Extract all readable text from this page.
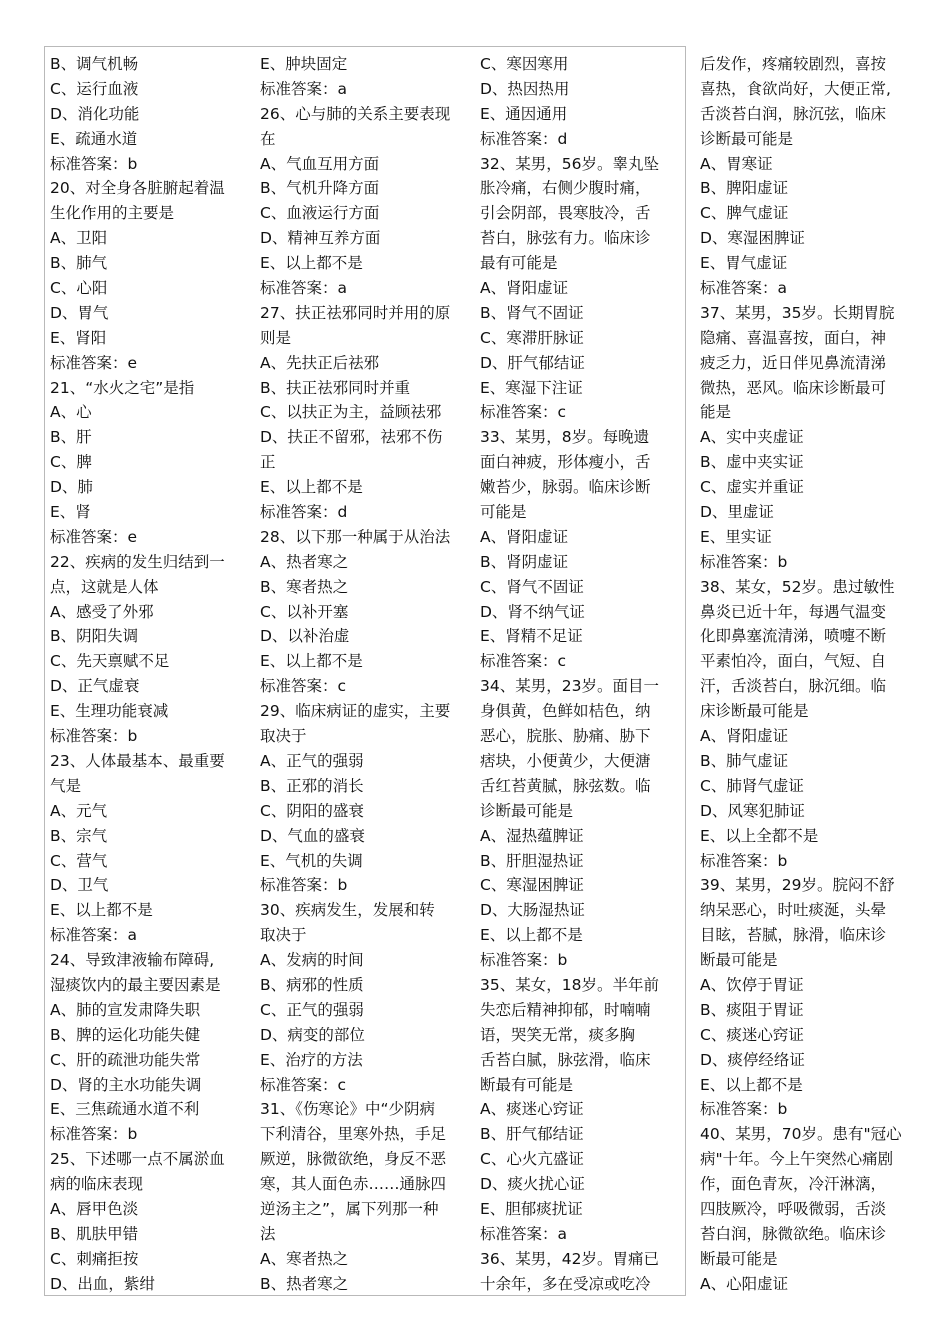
B、调气机畅
C、运行血液
D、消化功能
E、疏通水道
标准答案：b
20、对全身各脏腑起着温
生化作用的主要是
A、卫阳
B、肺气
C、心阳
D、胃气
E、肾阳
标准答案：e
21、“水火之宅”是指
A、心
B、肝
C、脾
D、肺
E、肾
标准答案：e
22、疾病的发生归结到一
点，这就是人体
A、感受了外邪
B、阴阳失调
C、先天禀赋不足
D、正气虚衰
E、生理功能衰减
标准答案：b
23、人体最基本、最重要
气是
A、元气
B、宗气
C、营气
D、卫气
E、以上都不是
标准答案：a
24、导致津液输布障碍,
湿痰饮内的最主要因素是
A、肺的宣发肃降失职
B、脾的运化功能失健
C、肝的疏泄功能失常
D、肾的主水功能失调
E、三焦疏通水道不利
标准答案：b
25、下述哪一点不属淤血
病的临床表现
A、唇甲色淡
B、肌肤甲错
C、刺痛拒按
D、出血，紫绀
E、肿块固定
标准答案：a
26、心与肺的关系主要表现
在
A、气血互用方面
B、气机升降方面
C、血液运行方面
D、精神互养方面
E、以上都不是
标准答案：a
27、扶正祛邪同时并用的原
则是
A、先扶正后祛邪
B、扶正祛邪同时并重
C、以扶正为主，益顾祛邪
D、扶正不留邪，祛邪不伤
正
E、以上都不是
标准答案：d
28、以下那一种属于从治法
A、热者寒之
B、寒者热之
C、以补开塞
D、以补治虚
E、以上都不是
标准答案：c
29、临床病证的虚实，主要
取决于
A、正气的强弱
B、正邪的消长
C、阴阳的盛衰
D、气血的盛衰
E、气机的失调
标准答案：b
30、疾病发生，发展和转
取决于
A、发病的时间
B、病邪的性质
C、正气的强弱
D、病变的部位
E、治疗的方法
标准答案：c
31、《伤寒论》中“少阴病
下利清谷，里寒外热，手足
厥逆，脉微欲绝，身反不恶
寒，其人面色赤……通脉四
逆汤主之”，属下列那一种
法
A、寒者热之
B、热者寒之
C、寒因寒用
D、热因热用
E、通因通用
标准答案：d
32、某男，56岁。睾丸坠
胀冷痛，右侧少腹时痛，
引会阴部，畏寒肢冷，舌
苔白，脉弦有力。临床诊
最有可能是
A、肾阳虚证
B、肾气不固证
C、寒滞肝脉证
D、肝气郁结证
E、寒湿下注证
标准答案：c
33、某男，8岁。每晚遗
面白神疲，形体瘦小，舌
嫩苔少，脉弱。临床诊断
可能是
A、肾阳虚证
B、肾阴虚证
C、肾气不固证
D、肾不纳气证
E、肾精不足证
标准答案：c
34、某男，23岁。面目一
身俱黄，色鲜如桔色，纳
恶心，脘胀、胁痛、胁下
痞块，小便黄少，大便溏
舌红苔黄腻，脉弦数。临
诊断最可能是
A、湿热蕴脾证
B、肝胆湿热证
C、寒湿困脾证
D、大肠湿热证
E、以上都不是
标准答案：b
35、某女，18岁。半年前
失恋后精神抑郁，时喃喃
语，哭笑无常，痰多胸
舌苔白腻，脉弦滑，临床
断最有可能是
A、痰迷心窍证
B、肝气郁结证
C、心火亢盛证
D、痰火扰心证
E、胆郁痰扰证
标准答案：a
36、某男，42岁。胃痛已
十余年，多在受凉或吃冷
后发作，疼痛较剧烈，喜按
喜热，食欲尚好，大便正常,
舌淡苔白润，脉沉弦，临床
诊断最可能是
A、胃寒证
B、脾阳虚证
C、脾气虚证
D、寒湿困脾证
E、胃气虚证
标准答案：a
37、某男，35岁。长期胃脘
隐痛、喜温喜按，面白，神
疲乏力，近日伴见鼻流清涕
微热，恶风。临床诊断最可
能是
A、实中夹虚证
B、虚中夹实证
C、虚实并重证
D、里虚证
E、里实证
标准答案：b
38、某女，52岁。患过敏性
鼻炎已近十年，每遇气温变
化即鼻塞流清涕，喷嚏不断
平素怕冷，面白，气短、自
汗，舌淡苔白，脉沉细。临
床诊断最可能是
A、肾阳虚证
B、肺气虚证
C、肺肾气虚证
D、风寒犯肺证
E、以上全都不是
标准答案：b
39、某男，29岁。脘闷不舒
纳呆恶心，时吐痰涎，头晕
目眩，苔腻，脉滑，临床诊
断最可能是
A、饮停于胃证
B、痰阻于胃证
C、痰迷心窍证
D、痰停经络证
E、以上都不是
标准答案：b
40、某男，70岁。患有"冠心
病"十年。今上午突然心痛剧
作，面色青灰，冷汗淋漓，
四肢厥冷，呼吸微弱，舌淡
苔白润，脉微欲绝。临床诊
断最可能是
A、心阳虚证
